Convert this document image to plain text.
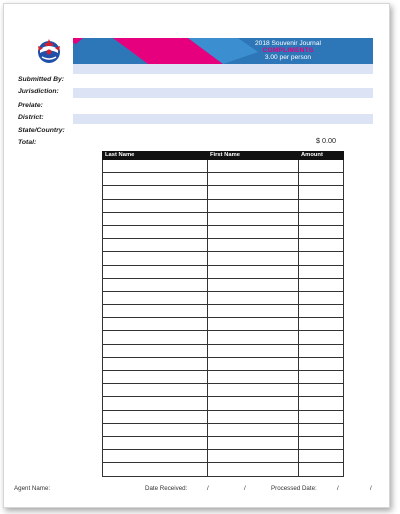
2018 Souvenir Journal
COMPLIMENTS
3.00 per person
Submitted By:
Jurisdiction:
Prelate:
District:
State/Country:
Total:	$ 0.00
Last Name	First Name	Amount

Agent Name:	Date Received:	/	/	Processed Date:	/	/
